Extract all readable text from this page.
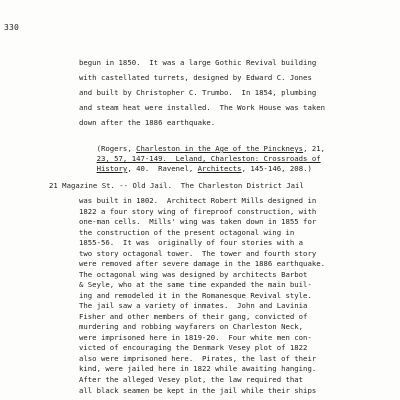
330
begun in 1850.  It was a large Gothic Revival building
with castellated turrets, designed by Edward C. Jones
and built by Christopher C. Trumbo.  In 1854, plumbing
and steam heat were installed.  The Work House was taken
down after the 1886 earthquake.

(Rogers, Charleston in the Age of the Pinckneys, 21,

23, 57, 147-149.  Leland, Charleston: Crossroads of

History, 40.  Ravenel, Architects, 145-146, 208.)

21 Magazine St. -- Old Jail.  The Charleston District Jail
was built in 1802.  Architect Robert Mills designed in
1822 a four story wing of fireproof construction, with
one-man cells.  Mills' wing was taken down in 1855 for
the construction of the present octagonal wing in
1855-56.  It was  originally of four stories with a
two story octagonal tower.  The tower and fourth story
were removed after severe damage in the 1886 earthquake.
The octagonal wing was designed by architects Barbot
& Seyle, who at the same time expanded the main buil-
ing and remodeled it in the Romanesque Revival style.
The jail saw a variety of inmates.  John and Lavinia
Fisher and other members of their gang, convicted of
murdering and robbing wayfarers on Charleston Neck,
were imprisoned here in 1819-20.  Four white men con-
victed of encouraging the Denmark Vesey plot of 1822
also were imprisoned here.  Pirates, the last of their
kind, were jailed here in 1822 while awaiting hanging.
After the alleged Vesey plot, the law required that
all black seamen be kept in the jail while their ships
